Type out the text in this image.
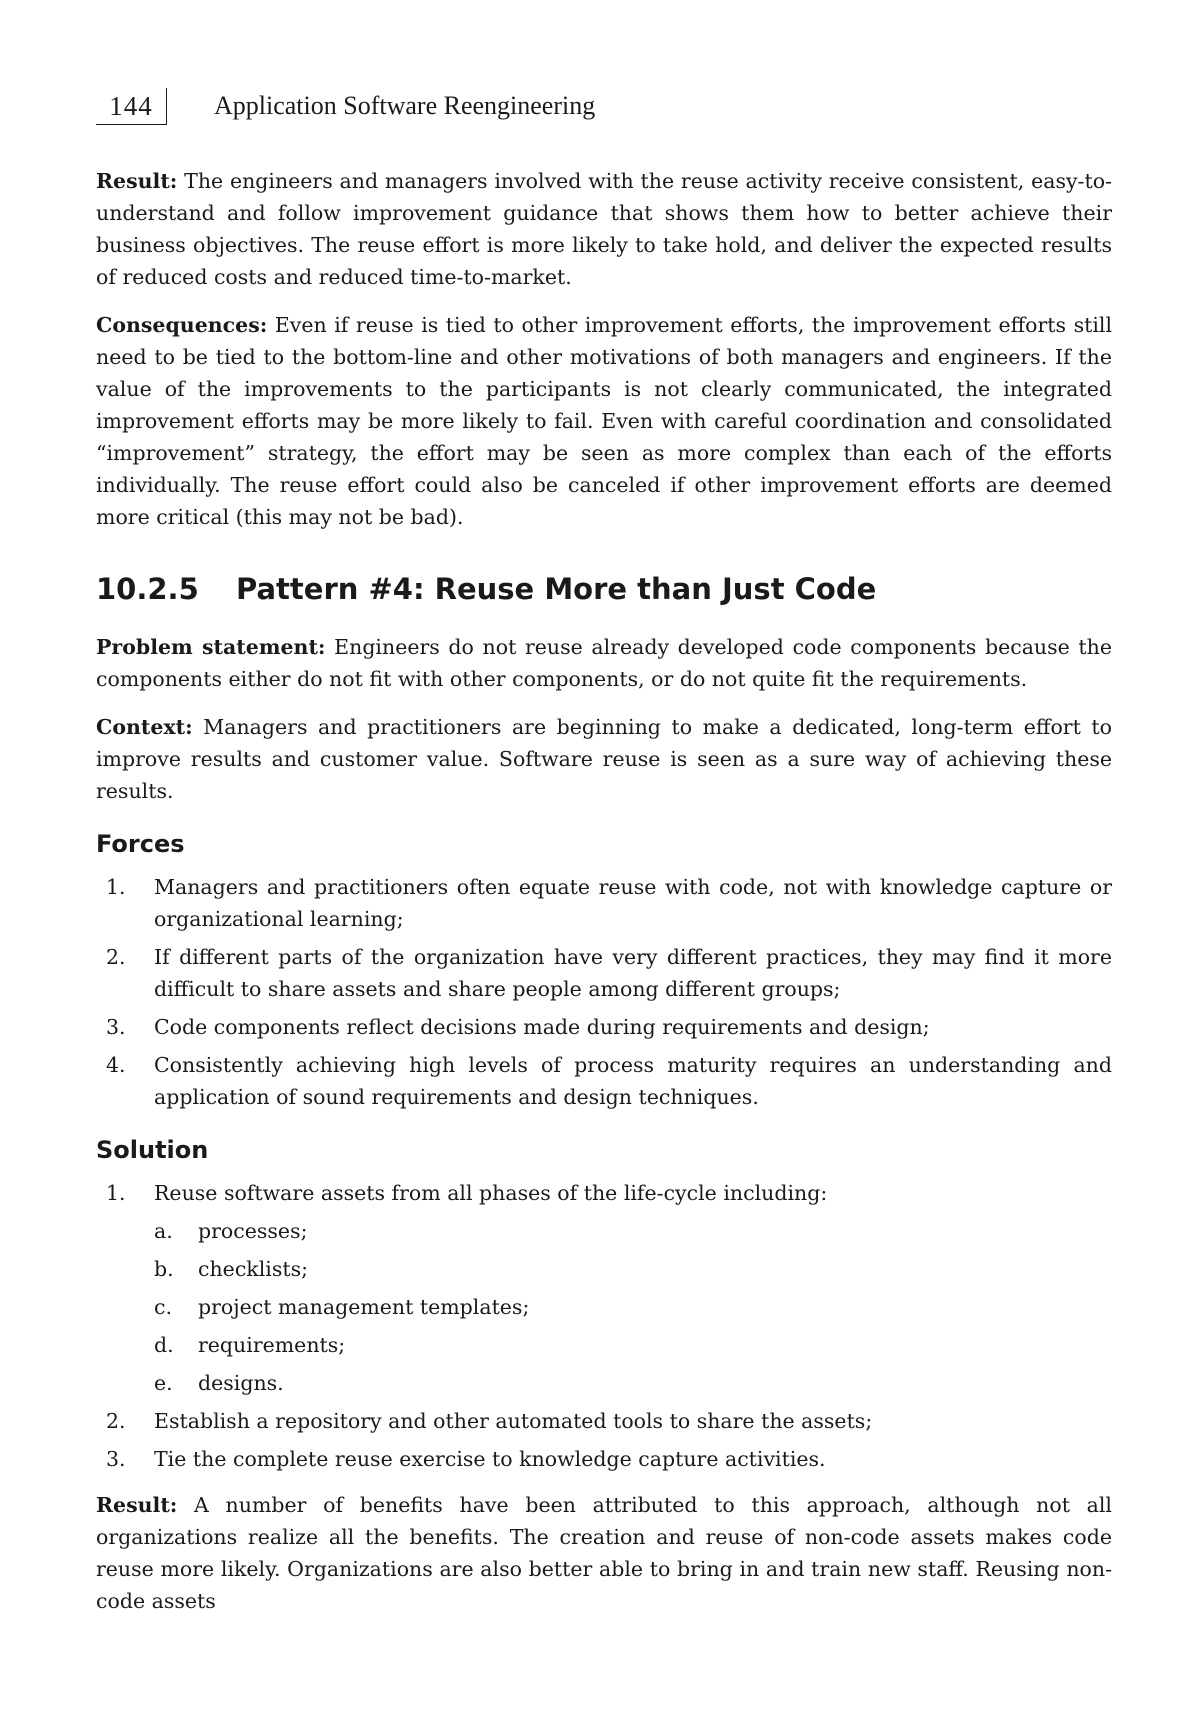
144	Application Software Reengineering

Result: The engineers and managers involved with the reuse activity receive consistent, easy-to-understand and follow improvement guidance that shows them how to better achieve their business objectives. The reuse effort is more likely to take hold, and deliver the expected results of reduced costs and reduced time-to-market.

Consequences: Even if reuse is tied to other improvement efforts, the improvement efforts still need to be tied to the bottom-line and other motivations of both managers and engineers. If the value of the improvements to the participants is not clearly communicated, the integrated improvement efforts may be more likely to fail. Even with careful coordination and consolidated “improvement” strategy, the effort may be seen as more complex than each of the efforts individually. The reuse effort could also be canceled if other improvement efforts are deemed more critical (this may not be bad).

10.2.5 Pattern #4: Reuse More than Just Code

Problem statement: Engineers do not reuse already developed code components because the components either do not fit with other components, or do not quite fit the requirements.

Context: Managers and practitioners are beginning to make a dedicated, long-term effort to improve results and customer value. Software reuse is seen as a sure way of achieving these results.

Forces
1. Managers and practitioners often equate reuse with code, not with knowledge capture or organizational learning;
2. If different parts of the organization have very different practices, they may find it more difficult to share assets and share people among different groups;
3. Code components reflect decisions made during requirements and design;
4. Consistently achieving high levels of process maturity requires an understanding and application of sound requirements and design techniques.
Solution
1. Reuse software assets from all phases of the life-cycle including:
a. processes;
b. checklists;
c. project management templates;
d. requirements;
e. designs.
2. Establish a repository and other automated tools to share the assets;
3. Tie the complete reuse exercise to knowledge capture activities.

Result: A number of benefits have been attributed to this approach, although not all organizations realize all the benefits. The creation and reuse of non-code assets makes code reuse more likely. Organizations are also better able to bring in and train new staff. Reusing non-code assets
